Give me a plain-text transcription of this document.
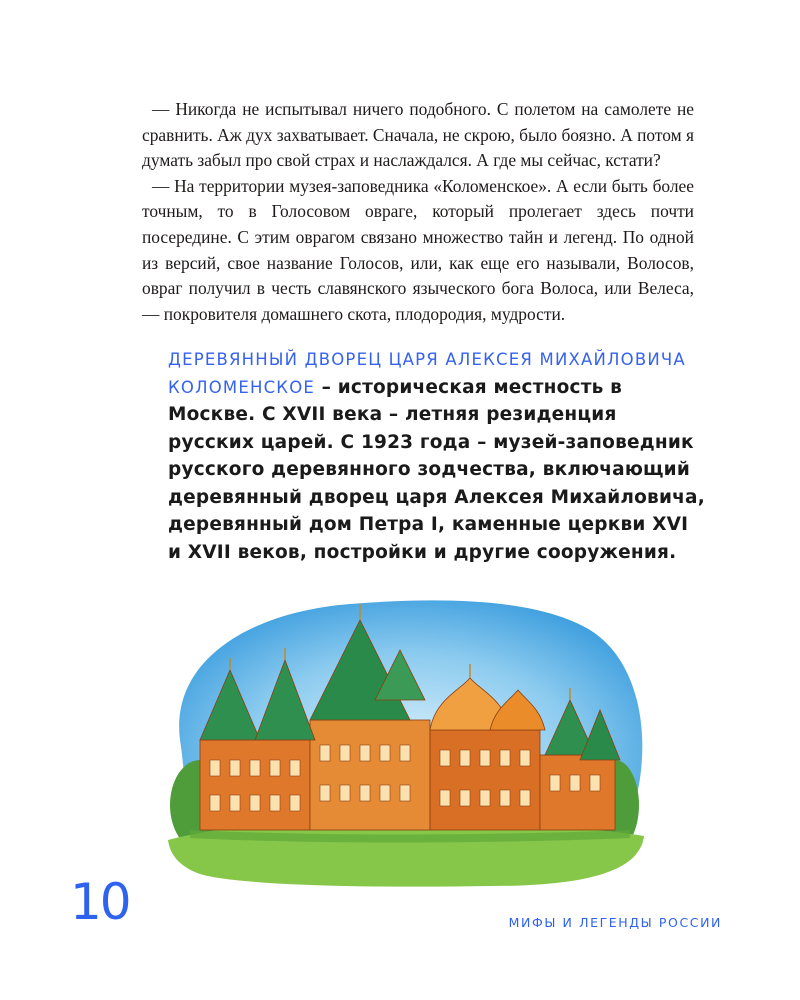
— Никогда не испытывал ничего подобного. С полетом на самолете не сравнить. Аж дух захватывает. Сначала, не скрою, было боязно. А потом я думать забыл про свой страх и наслаждался. А где мы сейчас, кстати?

— На территории музея-заповедника «Коломенское». А если быть более точным, то в Голосовом овраге, который пролегает здесь почти посередине. С этим оврагом связано множество тайн и легенд. По одной из версий, свое название Голосов, или, как еще его называли, Волосов, овраг получил в честь славянского языческого бога Волоса, или Велеса, — покровителя домашнего скота, плодородия, мудрости.

ДЕРЕВЯННЫЙ ДВОРЕЦ ЦАРЯ АЛЕКСЕЯ МИХАЙЛОВИЧА
КОЛОМЕНСКОЕ – историческая местность в Москве. С XVII века – летняя резиденция русских царей. С 1923 года – музей-заповедник русского деревянного зодчества, включающий деревянный дворец царя Алексея Михайловича, деревянный дом Петра I, каменные церкви XVI и XVII веков, постройки и другие сооружения.
10	МИФЫ И ЛЕГЕНДЫ РОССИИ
